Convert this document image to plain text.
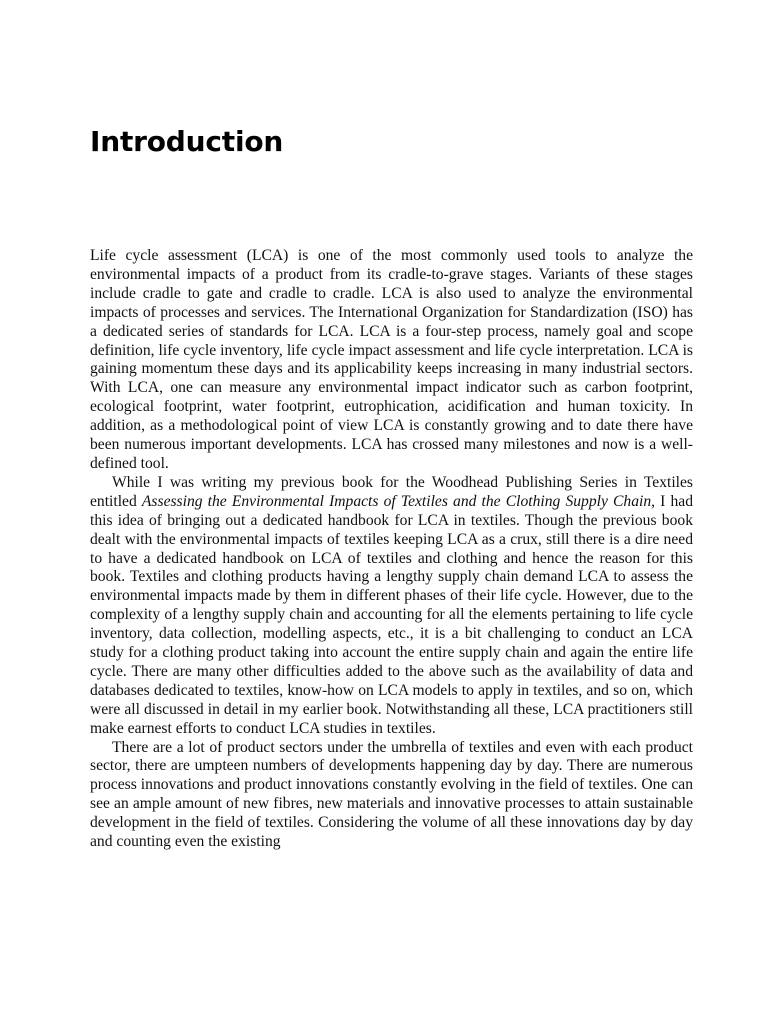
Introduction

Life cycle assessment (LCA) is one of the most commonly used tools to analyze the environmental impacts of a product from its cradle-to-grave stages. Variants of these stages include cradle to gate and cradle to cradle. LCA is also used to analyze the environmental impacts of processes and services. The International Organization for Standardization (ISO) has a dedicated series of standards for LCA. LCA is a four-step process, namely goal and scope definition, life cycle inventory, life cycle impact assessment and life cycle interpretation. LCA is gaining momentum these days and its applicability keeps increasing in many industrial sectors. With LCA, one can measure any environmental impact indicator such as carbon footprint, ecological footprint, water footprint, eutrophication, acidification and human toxicity. In addition, as a methodological point of view LCA is constantly growing and to date there have been numerous important developments. LCA has crossed many milestones and now is a well-defined tool.

While I was writing my previous book for the Woodhead Publishing Series in Textiles entitled Assessing the Environmental Impacts of Textiles and the Clothing Supply Chain, I had this idea of bringing out a dedicated handbook for LCA in textiles. Though the previous book dealt with the environmental impacts of textiles keeping LCA as a crux, still there is a dire need to have a dedicated handbook on LCA of textiles and clothing and hence the reason for this book. Textiles and clothing products having a lengthy supply chain demand LCA to assess the environmental impacts made by them in different phases of their life cycle. However, due to the complexity of a lengthy supply chain and accounting for all the elements pertaining to life cycle inventory, data collection, modelling aspects, etc., it is a bit challenging to conduct an LCA study for a clothing product taking into account the entire supply chain and again the entire life cycle. There are many other difficulties added to the above such as the availability of data and databases dedicated to textiles, know-how on LCA models to apply in textiles, and so on, which were all discussed in detail in my earlier book. Notwithstanding all these, LCA practitioners still make earnest efforts to conduct LCA studies in textiles.

There are a lot of product sectors under the umbrella of textiles and even with each product sector, there are umpteen numbers of developments happening day by day. There are numerous process innovations and product innovations constantly evolving in the field of textiles. One can see an ample amount of new fibres, new materials and innovative processes to attain sustainable development in the field of textiles. Considering the volume of all these innovations day by day and counting even the existing
